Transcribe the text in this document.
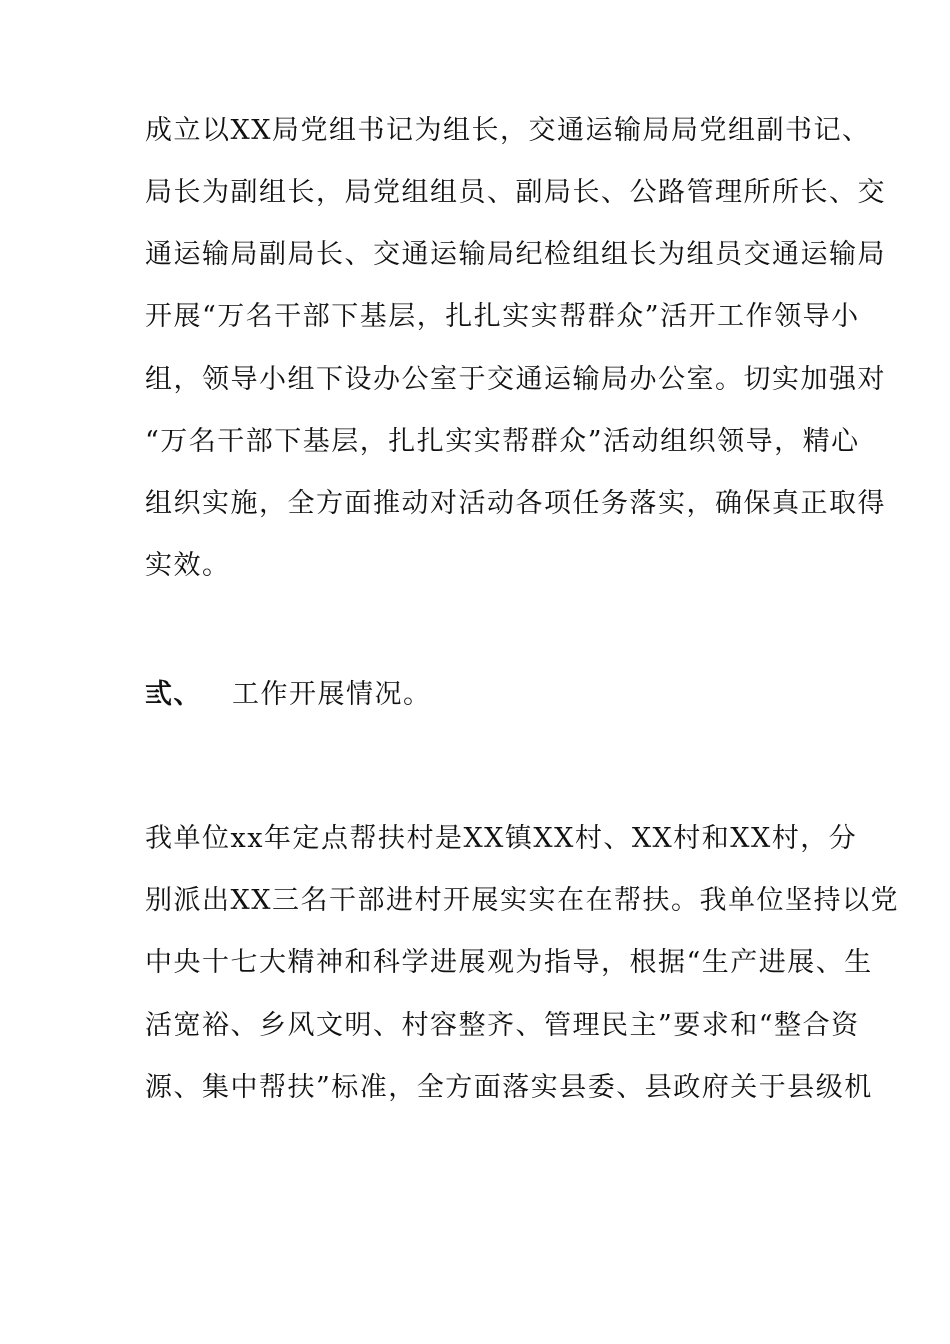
成立以XX局党组书记为组长，交通运输局局党组副书记、
局长为副组长，局党组组员、副局长、公路管理所所长、交
通运输局副局长、交通运输局纪检组组长为组员交通运输局
开展“万名干部下基层，扎扎实实帮群众”活开工作领导小
组，领导小组下设办公室于交通运输局办公室。切实加强对
“万名干部下基层，扎扎实实帮群众”活动组织领导，精心
组织实施，全方面推动对活动各项任务落实，确保真正取得
实效。
弎、 工作开展情况。
我单位xx年定点帮扶村是XX镇XX村、XX村和XX村，分
别派出XX三名干部进村开展实实在在帮扶。我单位坚持以党
中央十七大精神和科学进展观为指导，根据“生产进展、生
活宽裕、乡风文明、村容整齐、管理民主”要求和“整合资
源、集中帮扶”标准，全方面落实县委、县政府关于县级机
